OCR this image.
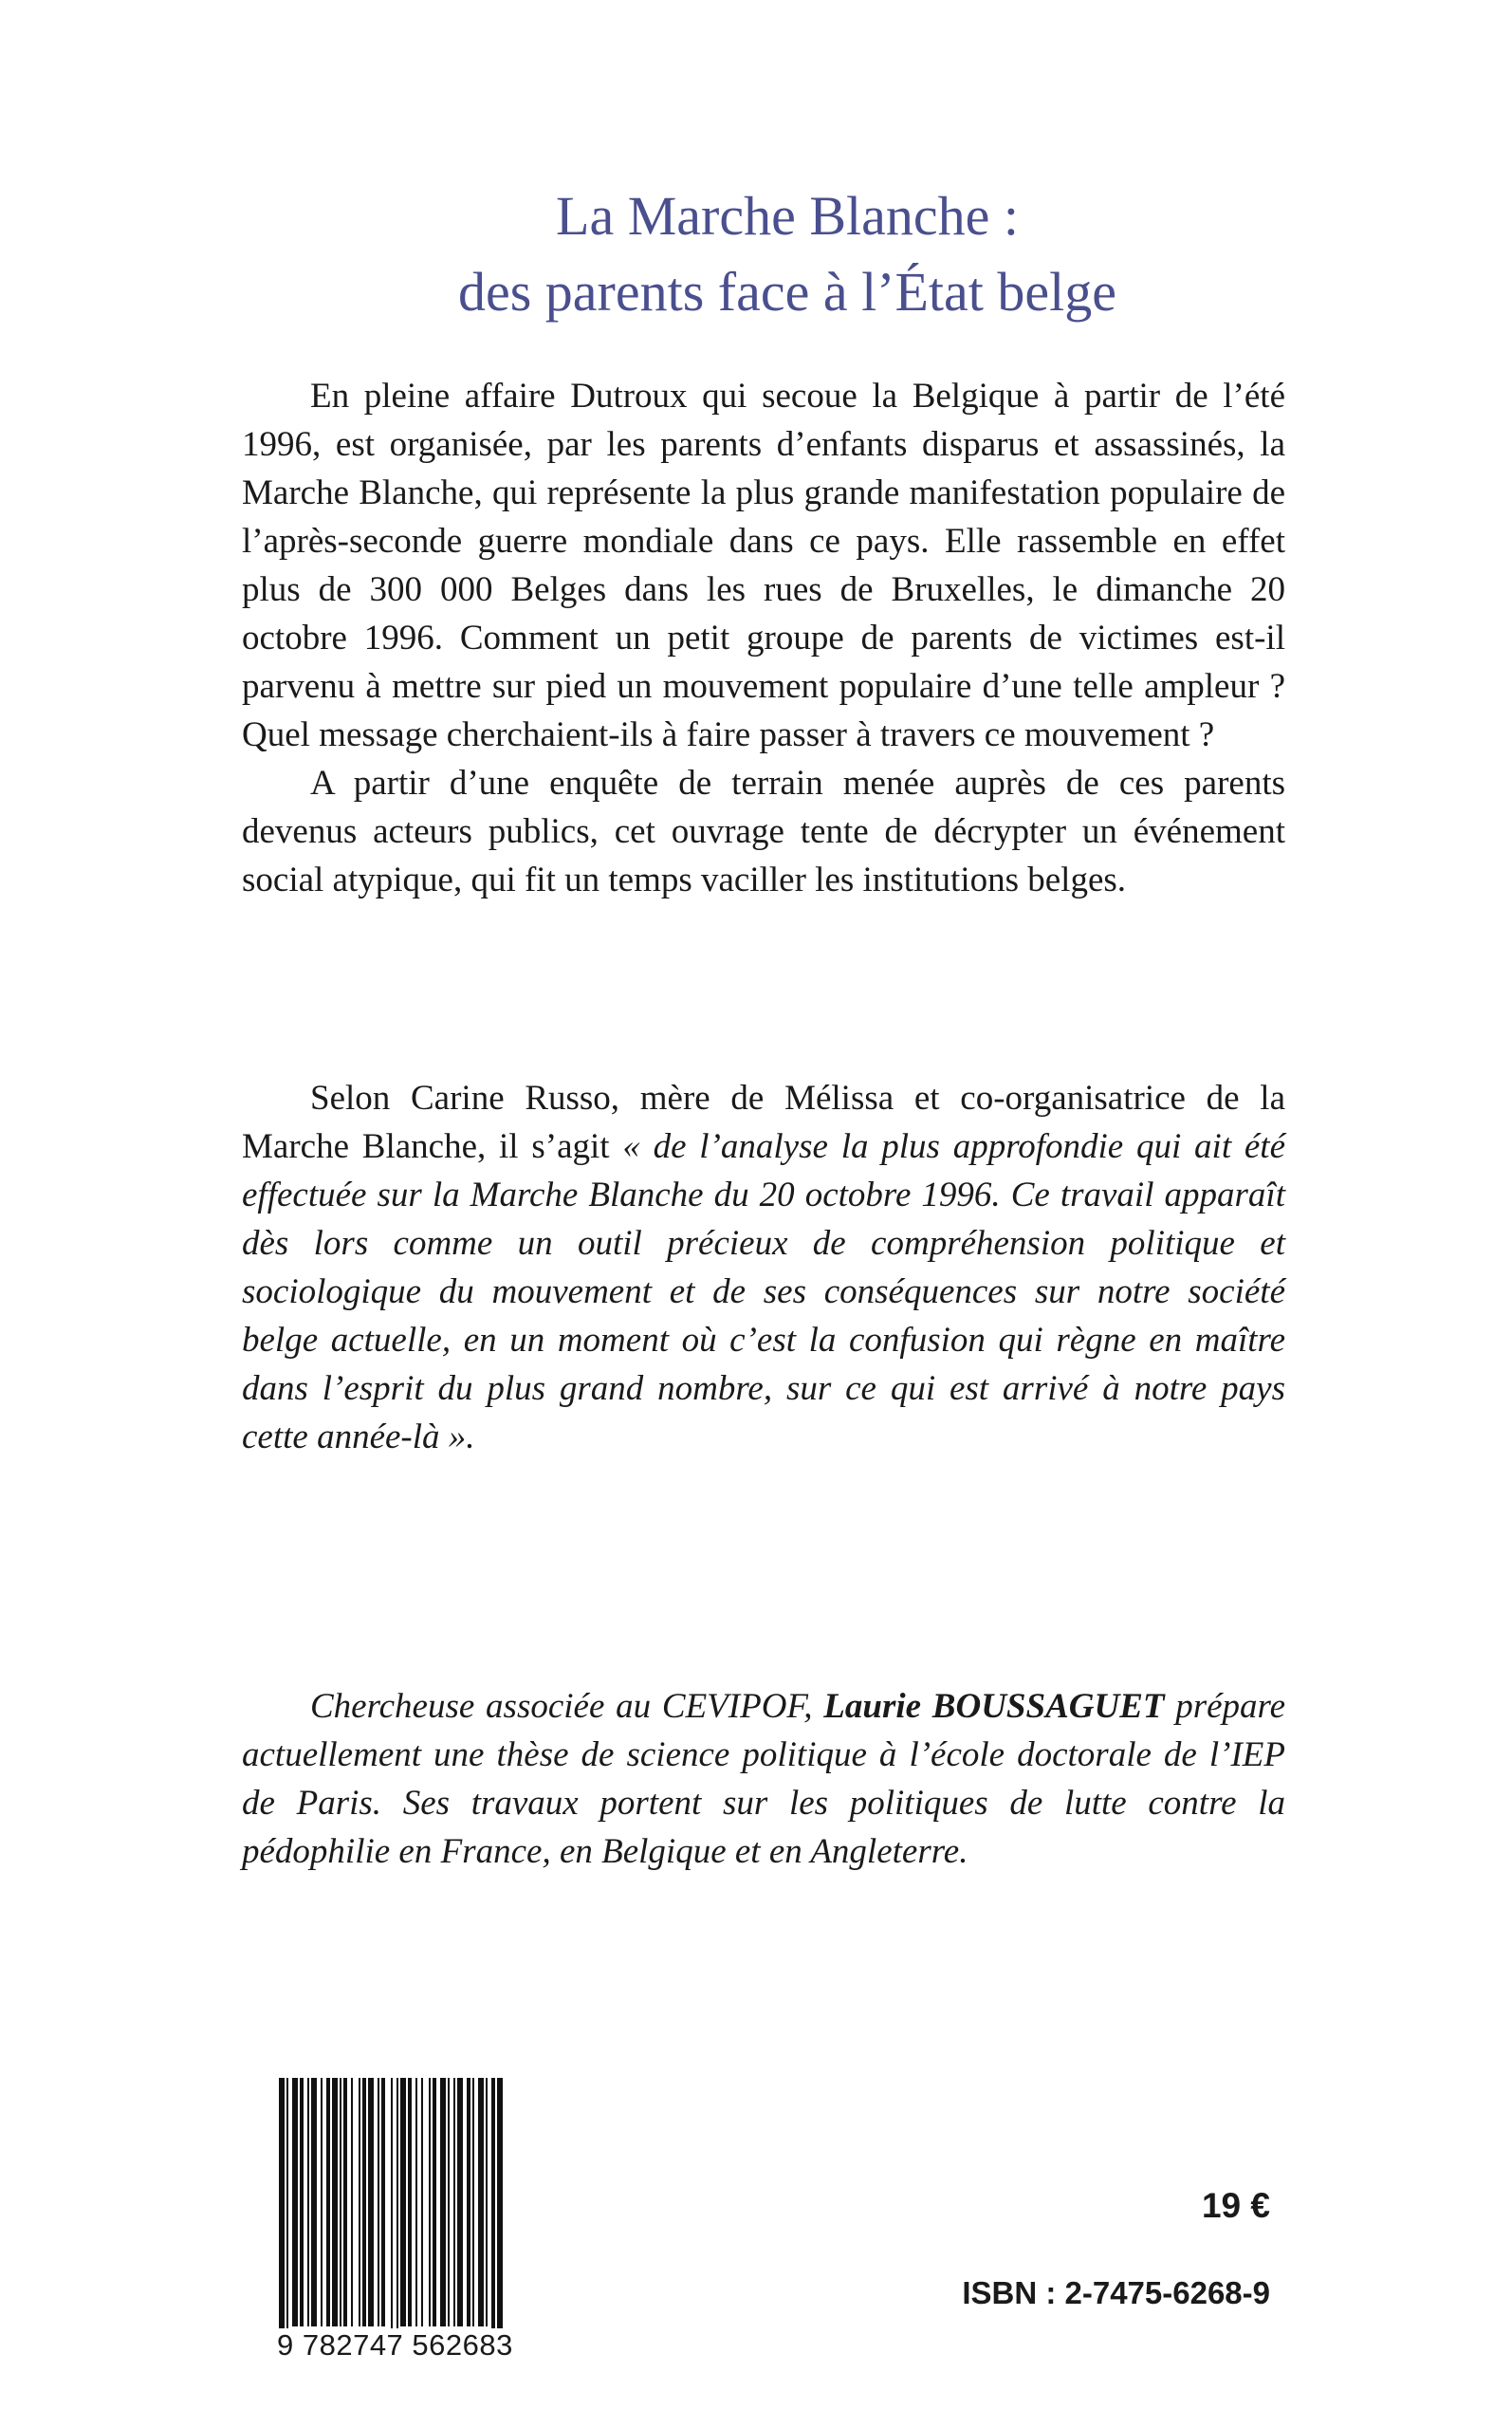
La Marche Blanche :
des parents face à l’État belge

En pleine affaire Dutroux qui secoue la Belgique à partir de l’été 1996, est organisée, par les parents d’enfants disparus et assassinés, la Marche Blanche, qui représente la plus grande manifestation populaire de l’après-seconde guerre mondiale dans ce pays. Elle rassemble en effet plus de 300 000 Belges dans les rues de Bruxelles, le dimanche 20 octobre 1996. Comment un petit groupe de parents de victimes est-il parvenu à mettre sur pied un mouvement populaire d’une telle ampleur ? Quel message cherchaient-ils à faire passer à travers ce mouvement ?

A partir d’une enquête de terrain menée auprès de ces parents devenus acteurs publics, cet ouvrage tente de décrypter un événement social atypique, qui fit un temps vaciller les institutions belges.

Selon Carine Russo, mère de Mélissa et co-organisatrice de la Marche Blanche, il s’agit « de l’analyse la plus approfondie qui ait été effectuée sur la Marche Blanche du 20 octobre 1996. Ce travail apparaît dès lors comme un outil précieux de compréhension politique et sociologique du mouvement et de ses conséquences sur notre société belge actuelle, en un moment où c’est la confusion qui règne en maître dans l’esprit du plus grand nombre, sur ce qui est arrivé à notre pays cette année-là ».

Chercheuse associée au CEVIPOF, Laurie BOUSSAGUET prépare actuellement une thèse de science politique à l’école doctorale de l’IEP de Paris. Ses travaux portent sur les politiques de lutte contre la pédophilie en France, en Belgique et en Angleterre.
9 782747 562683
19 €
ISBN : 2-7475-6268-9
